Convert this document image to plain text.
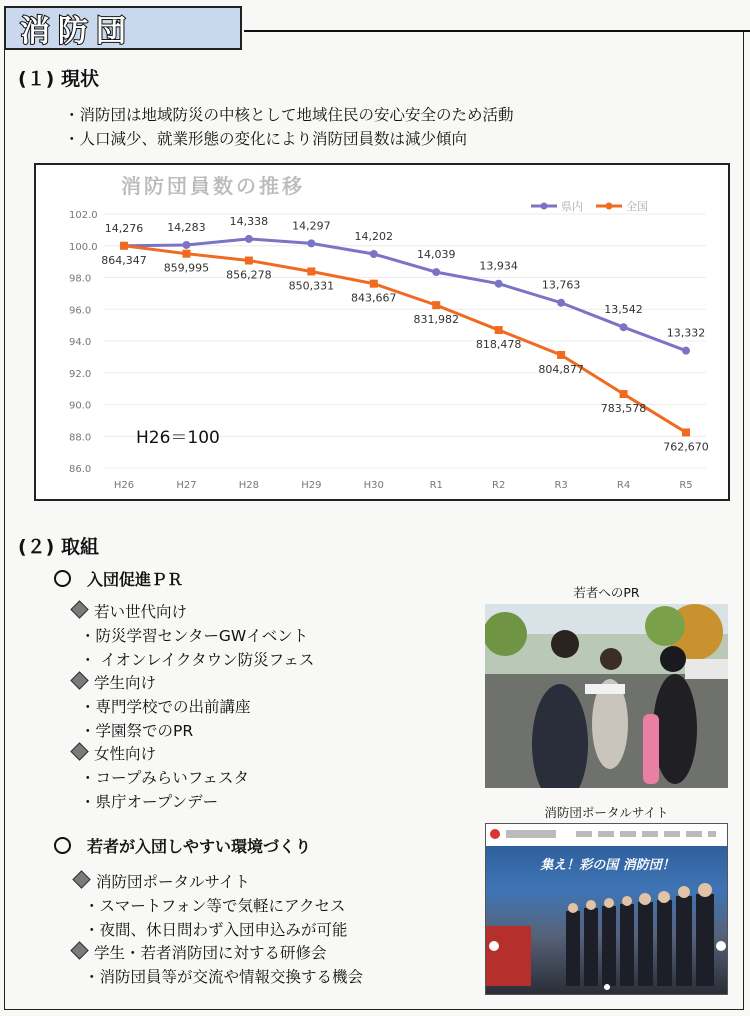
消防団
(１) 現状
・消防団は地域防災の中核として地域住民の安心安全のため活動
・人口減少、就業形態の変化により消防団員数は減少傾向
消防団員数の推移
86.0
88.0
90.0
92.0
94.0
96.0
98.0
100.0
102.0
H26	H27	H28	H29	H30	R1	R2	R3	R4	R5
県内	全国
14,276 14,283 14,338 14,297
14,202
14,039
13,934
13,763
13,542
13,332
864,347
859,995
856,278
850,331
843,667
831,982
818,478
804,877
783,578
762,670
H26＝100
(２) 取組
入団促進ＰＲ
若い世代向け
・防災学習センターGWイベント
・ イオンレイクタウン防災フェス
学生向け
・専門学校での出前講座
・学園祭でのPR
女性向け
・コープみらいフェスタ
・県庁オープンデー
若者が入団しやすい環境づくり
消防団ポータルサイト
・スマートフォン等で気軽にアクセス
・夜間、休日問わず入団申込みが可能
学生・若者消防団に対する研修会
・消防団員等が交流や情報交換する機会
若者へのPR
消防団ポータルサイト
集え！彩の国 消防団！
